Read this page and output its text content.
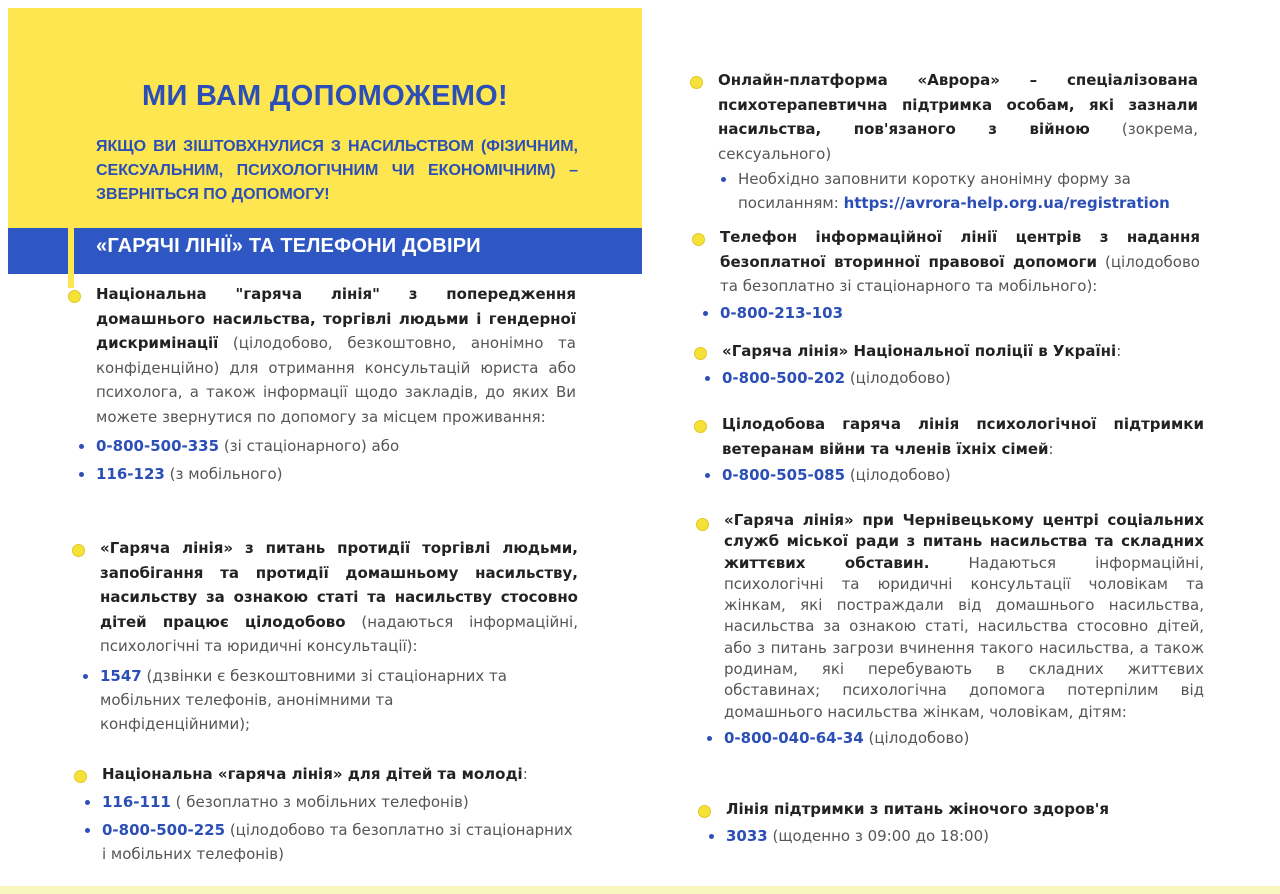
МИ ВАМ ДОПОМОЖЕМО!
ЯКЩО ВИ ЗІШТОВХНУЛИСЯ З НАСИЛЬСТВОМ (ФІЗИЧНИМ, СЕКСУАЛЬНИМ, ПСИХОЛОГІЧНИМ ЧИ ЕКОНОМІЧНИМ) – ЗВЕРНІТЬСЯ ПО ДОПОМОГУ!
«ГАРЯЧІ ЛІНІЇ» ТА ТЕЛЕФОНИ ДОВІРИ
Національна "гаряча лінія" з попередження домашнього насильства, торгівлі людьми і гендерної дискримінації (цілодобово, безкоштовно, анонімно та конфіденційно) для отримання консультацій юриста або психолога, а також інформації щодо закладів, до яких Ви можете звернутися по допомогу за місцем проживання:
0-800-500-335 (зі стаціонарного) або
116-123 (з мобільного)
«Гаряча лінія» з питань протидії торгівлі людьми, запобігання та протидії домашньому насильству, насильству за ознакою статі та насильству стосовно дітей працює цілодобово (надаються інформаційні, психологічні та юридичні консультації):
1547 (дзвінки є безкоштовними зі стаціонарних та мобільних телефонів, анонімними та конфіденційними);
Національна «гаряча лінія» для дітей та молоді:
116-111 ( безоплатно з мобільних телефонів)
0-800-500-225 (цілодобово та безоплатно зі стаціонарних і мобільних телефонів)
Онлайн-платформа «Аврора» – спеціалізована психотерапевтична підтримка особам, які зазнали насильства, пов'язаного з війною (зокрема, сексуального)
Необхідно заповнити коротку анонімну форму за посиланням: https://avrora-help.org.ua/registration
Телефон інформаційної лінії центрів з надання безоплатної вторинної правової допомоги (цілодобово та безоплатно зі стаціонарного та мобільного):
0-800-213-103
«Гаряча лінія» Національної поліції в Україні:
0-800-500-202 (цілодобово)
Цілодобова гаряча лінія психологічної підтримки ветеранам війни та членів їхніх сімей:
0-800-505-085 (цілодобово)
«Гаряча лінія» при Чернівецькому центрі соціальних служб міської ради з питань насильства та складних життєвих обставин.	Надаються інформаційні, психологічні та юридичні консультації чоловікам та жінкам, які постраждали від домашнього насильства, насильства за ознакою статі, насильства стосовно дітей, або з питань загрози вчинення такого насильства, а також родинам, які перебувають в складних життєвих обставинах; психологічна допомога потерпілим від домашнього насильства жінкам, чоловікам, дітям:
0-800-040-64-34 (цілодобово)
Лінія підтримки з питань жіночого здоров'я
3033 (щоденно з 09:00 до 18:00)
